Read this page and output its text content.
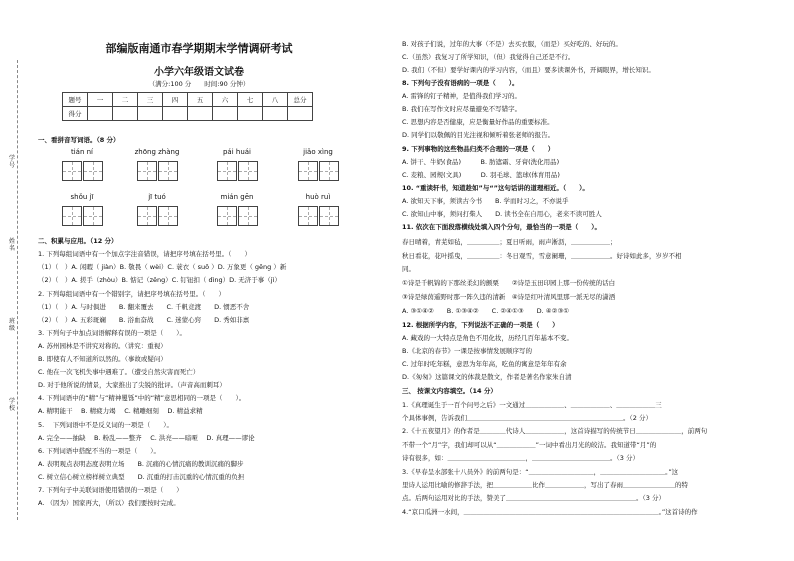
学号
姓名
班级
学校
部编版南通市春学期期末学情调研考试
小学六年级语文试卷
（满分:100 分　　时间:90 分钟）
题号	一	二	三	四	五	六	七	八	总分
得分									
一、看拼音写词语。（8 分）
tián ní	zhōng zhàng	pái huái	jiǎo xìng
shǒu jī	jī tuó	mián gēn	huò ruì
二、积累与应用。（12 分）
1. 下列每组词语中有一个加点字注音错误，请把序号填在括号里。（　　）
（1）（　）A. 闲暇（ jiàn）B. 敬畏（ wèi）C. 蓑衣（ suō ）D. 万象更（ gēng ）新
（2）（　）A. 搓手（zhòu）B. 惦记（zěng）C. 钉钮扣（ dìng）D. 无济于事（jì）
2. 下列每组词语中有一个错别字，请把序号填在括号里。（　　）
（1）（　）A. 与时俱进　　B. 翻来覆去　　C. 千帆竞渡　　D. 惯恶不舍
（2）（　）A. 五彩斑斓　　B. 浴血奋战　　C. 迷蒙心窍　　D. 秀如非禀
3. 下列句子中加点词语解释有误的一项是（　　）。
A. 苏州园林是不讲究对称的。（讲究：重视）
B. 即使有人不知道所以然的。（事故或疑问）
C. 他在一次飞机失事中遇难了。（遭受自然灾害而死亡）
D. 对于他所说的情景，大家推出了尖锐的批评。（声音高而刺耳）
4. 下列词语中的“精”与“精神矍铄”中的“精”意思相同的一项是（　　）。
A. 精明能干　 B. 精疲力竭　 C. 精雕细刻　 D. 精益求精
5. 　下列词语中不是反义词的一项是（　　）。
A. 完全——抽缺　 B. 粉乱——整齐　 C. 洪亮——暗哑　 D. 真理——谬论
6. 下列词语中搭配不当的一项是（　　）。
A. 表明观点表明态度表明立场　　B. 沉痛的心情沉痛的教训沉痛的脚步
C. 树立信心树立榜样树立典型　　D. 沉重的打击沉重的心情沉重的负担
7. 下列句子中关联词语使用错误的一项是（　　）
A. （因为）国家再大，（所以）我们要按时完成。
B. 对孩子们说，过年的大事（不是）去买衣服，（而是）买好吃的、好玩的。
C.（虽然）我复习了所学知识，（但）我觉得自己还是不行。
D. 我们（不但）要学好课内的学习内容，（而且）要多读课外书，开阔眼界，增长知识。
8. 下列句子没有语病的一项是（　　）。
A. 雷锋的钉子精神，是值得我们学习的。
B. 我们在写作文时应尽量避免不写错字。
C. 思想内容是否健康，应是衡量好作品的重要标准。
D. 同学们以敬佩的目光注视和倾听着张老师的报告。
9. 下列事物的这些物品归类不合理的一项是（　　）
A. 饼干、牛奶(食品)　　　B. 肪遮霜、牙膏(洗化用品)
C. 麦粮、园规(文具)　　　D. 羽毛球、篮球(体育用品)
10. “重读轩书，知道趁如”与“”这句话讲的道理相近。（　　）。
A. 欲知天下事，须读古今书　　B. 学而时习之，不亦说乎
C. 欲知山中事，须问打柴人　　D. 读书全在自用心，老来不读可胜人
11. 依次在下面段落横线处填入四个分句，最恰当的一项是（　　）。
春日晴着，青芜如毡，＿＿＿＿＿；夏日听雨，雨声淅沥，＿＿＿＿＿＿；
秋日看花，花叶摇曳，＿＿＿＿＿：冬日观雪，雪意阑珊，＿＿＿＿＿＿。好诗如此多，岁岁不相
同。
①诗是千帆锦的下那丝柔幻的颤栗　　②诗是玉田印园上那一份传统的话白
③诗是绿茵遥野时那一阵久违的清新　④诗是红叶清风里那一派无尽的潇洒
A. ③①④②　　B. ①③④②　　C. ②④①③　　D. ④②③①
12. 根据所学内容，下列说法不正确的一项是（　　）
A. 藏戏的一大特点是角色不用化妆，历经几百年基本不变。
B.《北京的春节》一课是按事情发展顺序写的
C. 过年时吃年糕，意思为年年高，吃鱼的寓意是年年有余
D.《匆匆》这篇课文的体裁是散文，作者是著名作家朱自清
三、 按课文内容填空。（14 分）
1.《真理诞生于一百个问号之后》一文通过＿＿＿＿＿＿、＿＿＿＿＿＿、＿＿＿＿＿＿三
个具体事例，告诉我们＿＿＿＿＿＿＿＿＿＿＿＿＿＿＿＿＿＿＿＿＿＿＿＿。（2 分）
2.《十五夜望月》的作者是＿＿＿＿代诗人＿＿＿＿＿＿，这首诗描写的传统节日＿＿＿＿＿＿＿，前两句
不带一个“月”字，我们却可以从“＿＿＿＿＿＿”一词中看出月光的皎洁。我知道带“月”的
诗有很多，如：＿＿＿＿＿＿＿＿＿＿＿＿，＿＿＿＿＿＿＿＿＿＿＿＿。（3 分）
3.《早春呈水部张十八员外》的前两句是：“＿＿＿＿＿＿＿＿＿＿，＿＿＿＿＿＿＿＿＿＿。”这
里诗人运用比喻的修辞手法，把＿＿＿＿＿＿比作＿＿＿＿＿＿，写出了春雨＿＿＿＿＿＿＿＿的特
点。后两句运用对比的手法，赞美了＿＿＿＿＿＿＿＿＿＿＿＿＿＿＿＿＿＿＿＿。（3 分）
4.“京口瓜洲一水间，＿＿＿＿＿＿＿＿＿＿＿＿＿＿＿＿＿＿＿＿＿＿＿＿＿＿＿＿＿＿。”这首诗的作
